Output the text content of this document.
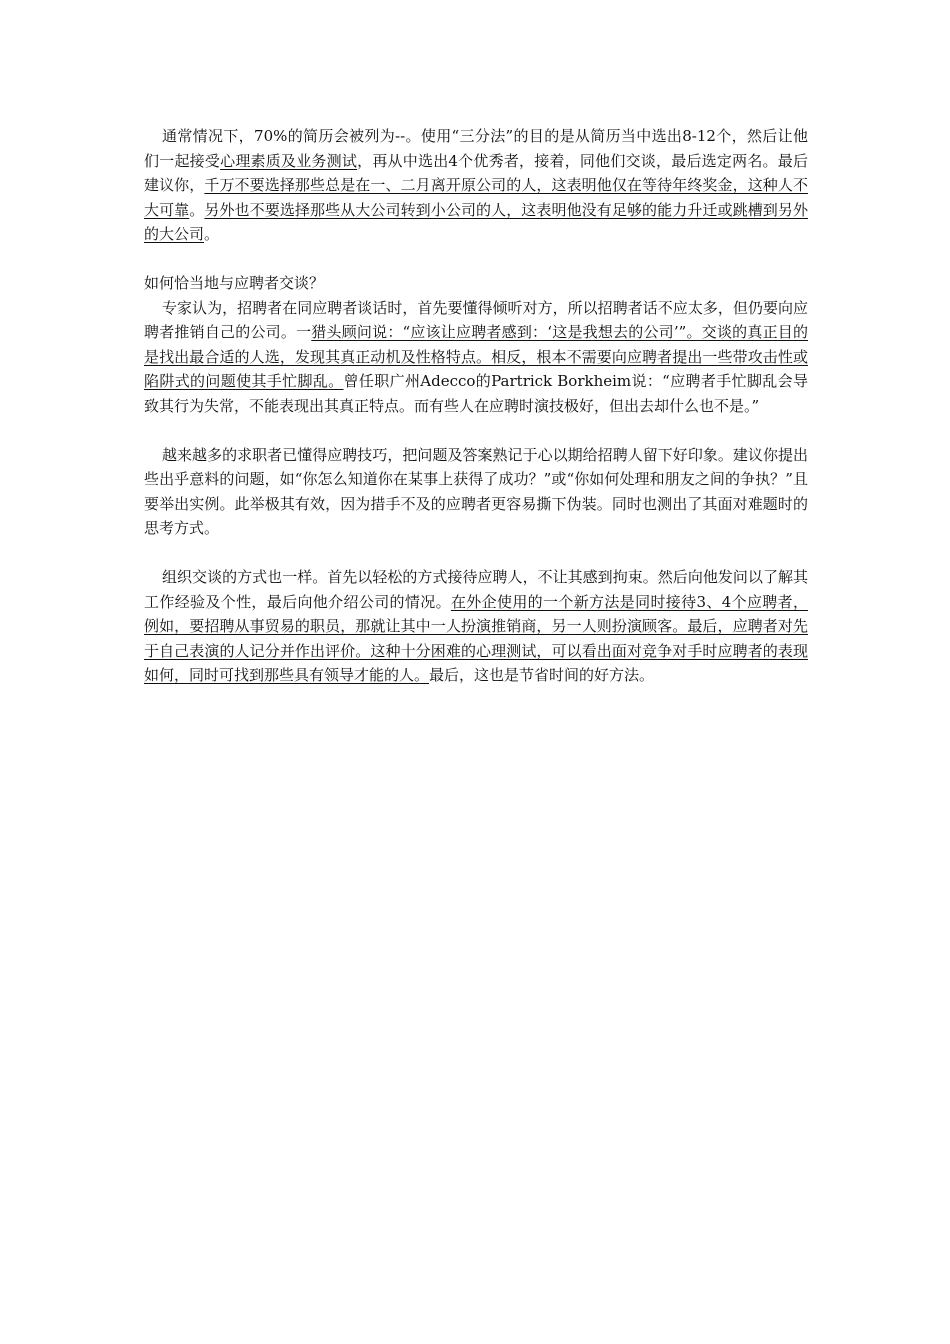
通常情况下，70%的简历会被列为--。使用“三分法”的目的是从简历当中选出8-12个，然后让他们一起接受心理素质及业务测试，再从中选出4个优秀者，接着，同他们交谈，最后选定两名。最后建议你，千万不要选择那些总是在一、二月离开原公司的人，这表明他仅在等待年终奖金，这种人不大可靠。另外也不要选择那些从大公司转到小公司的人，这表明他没有足够的能力升迁或跳槽到另外的大公司。

如何恰当地与应聘者交谈？

专家认为，招聘者在同应聘者谈话时，首先要懂得倾听对方，所以招聘者话不应太多，但仍要向应聘者推销自己的公司。一猎头顾问说：“应该让应聘者感到：‘这是我想去的公司’”。交谈的真正目的是找出最合适的人选，发现其真正动机及性格特点。相反，根本不需要向应聘者提出一些带攻击性或陷阱式的问题使其手忙脚乱。曾任职广州Adecco的Partrick Borkheim说：“应聘者手忙脚乱会导致其行为失常，不能表现出其真正特点。而有些人在应聘时演技极好，但出去却什么也不是。”

越来越多的求职者已懂得应聘技巧，把问题及答案熟记于心以期给招聘人留下好印象。建议你提出些出乎意料的问题，如“你怎么知道你在某事上获得了成功？”或“你如何处理和朋友之间的争执？”且要举出实例。此举极其有效，因为措手不及的应聘者更容易撕下伪装。同时也测出了其面对难题时的思考方式。

组织交谈的方式也一样。首先以轻松的方式接待应聘人，不让其感到拘束。然后向他发问以了解其工作经验及个性，最后向他介绍公司的情况。在外企使用的一个新方法是同时接待3、4个应聘者，例如，要招聘从事贸易的职员，那就让其中一人扮演推销商，另一人则扮演顾客。最后，应聘者对先于自己表演的人记分并作出评价。这种十分困难的心理测试，可以看出面对竞争对手时应聘者的表现如何，同时可找到那些具有领导才能的人。最后，这也是节省时间的好方法。
